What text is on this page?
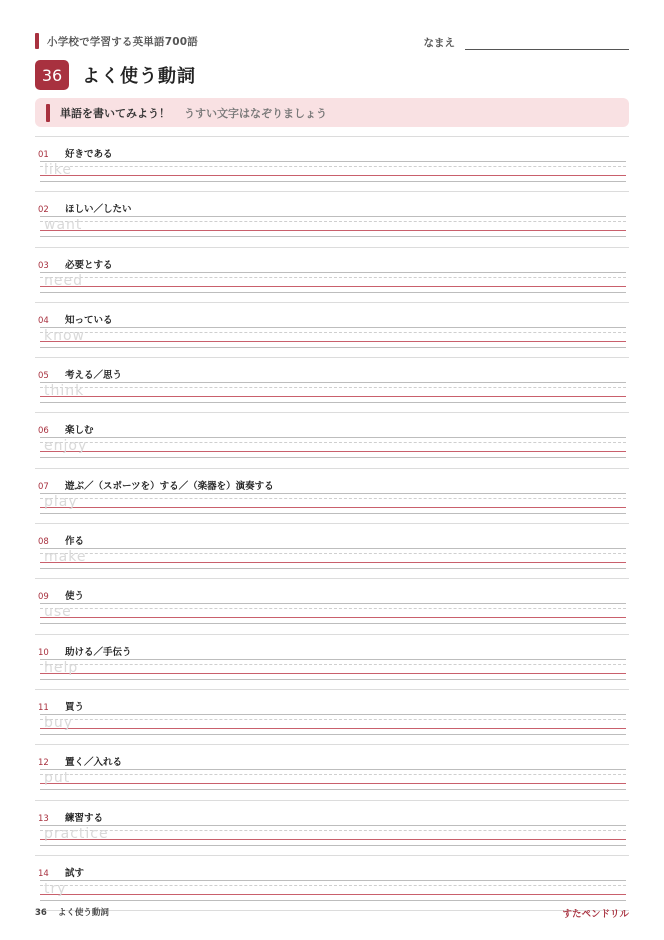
小学校で学習する英単語700語	なまえ
36	よく使う動詞
単語を書いてみよう！ うすい文字はなぞりましょう
01	好きである
like
02	ほしい／したい
want
03	必要とする
need
04	知っている
know
05	考える／思う
think
06	楽しむ
enjoy
07	遊ぶ／（スポーツを）する／（楽器を）演奏する
play
08	作る
make
09	使う
use
10	助ける／手伝う
help
11	買う
buy
12	置く／入れる
put
13	練習する
practice
14	試す
try
36 よく使う動詞	すたペンドリル
